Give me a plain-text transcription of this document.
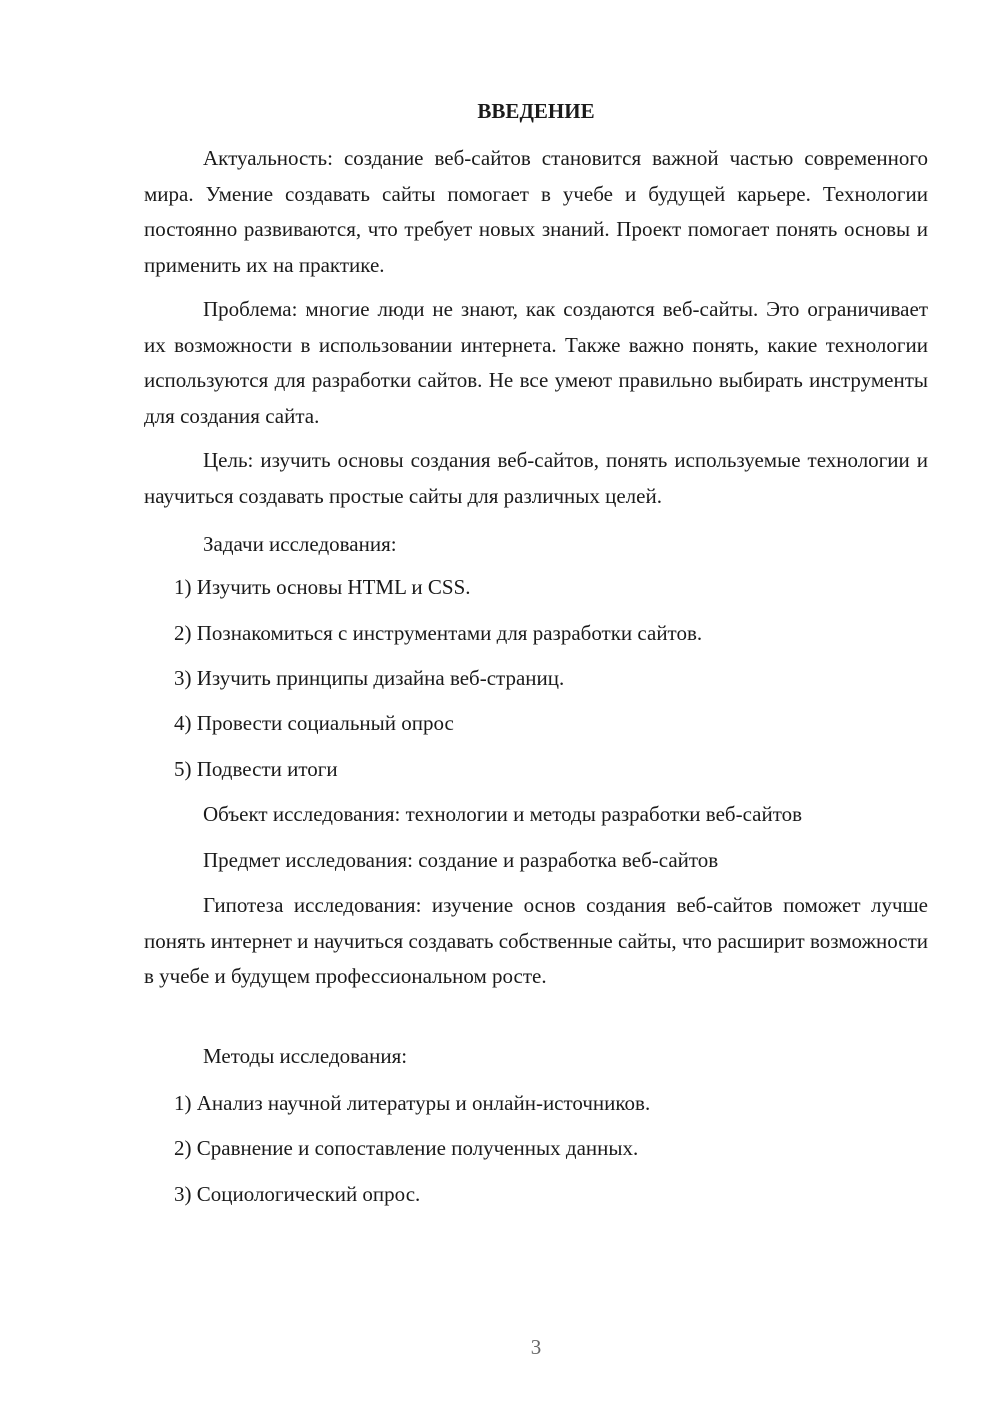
ВВЕДЕНИЕ

Актуальность: создание веб-сайтов становится важной частью современного мира. Умение создавать сайты помогает в учебе и будущей карьере. Технологии постоянно развиваются, что требует новых знаний. Проект помогает понять основы и применить их на практике.

Проблема: многие люди не знают, как создаются веб-сайты. Это ограничивает их возможности в использовании интернета. Также важно понять, какие технологии используются для разработки сайтов. Не все умеют правильно выбирать инструменты для создания сайта.

Цель: изучить основы создания веб-сайтов, понять используемые технологии и научиться создавать простые сайты для различных целей.

Задачи исследования:

1) Изучить основы HTML и CSS.

2) Познакомиться с инструментами для разработки сайтов.

3) Изучить принципы дизайна веб-страниц.

4) Провести социальный опрос

5) Подвести итоги

Объект исследования: технологии и методы разработки веб-сайтов

Предмет исследования: создание и разработка веб-сайтов

Гипотеза исследования: изучение основ создания веб-сайтов поможет лучше понять интернет и научиться создавать собственные сайты, что расширит возможности в учебе и будущем профессиональном росте.

Методы исследования:

1) Анализ научной литературы и онлайн-источников.

2) Сравнение и сопоставление полученных данных.

3) Социологический опрос.

3
